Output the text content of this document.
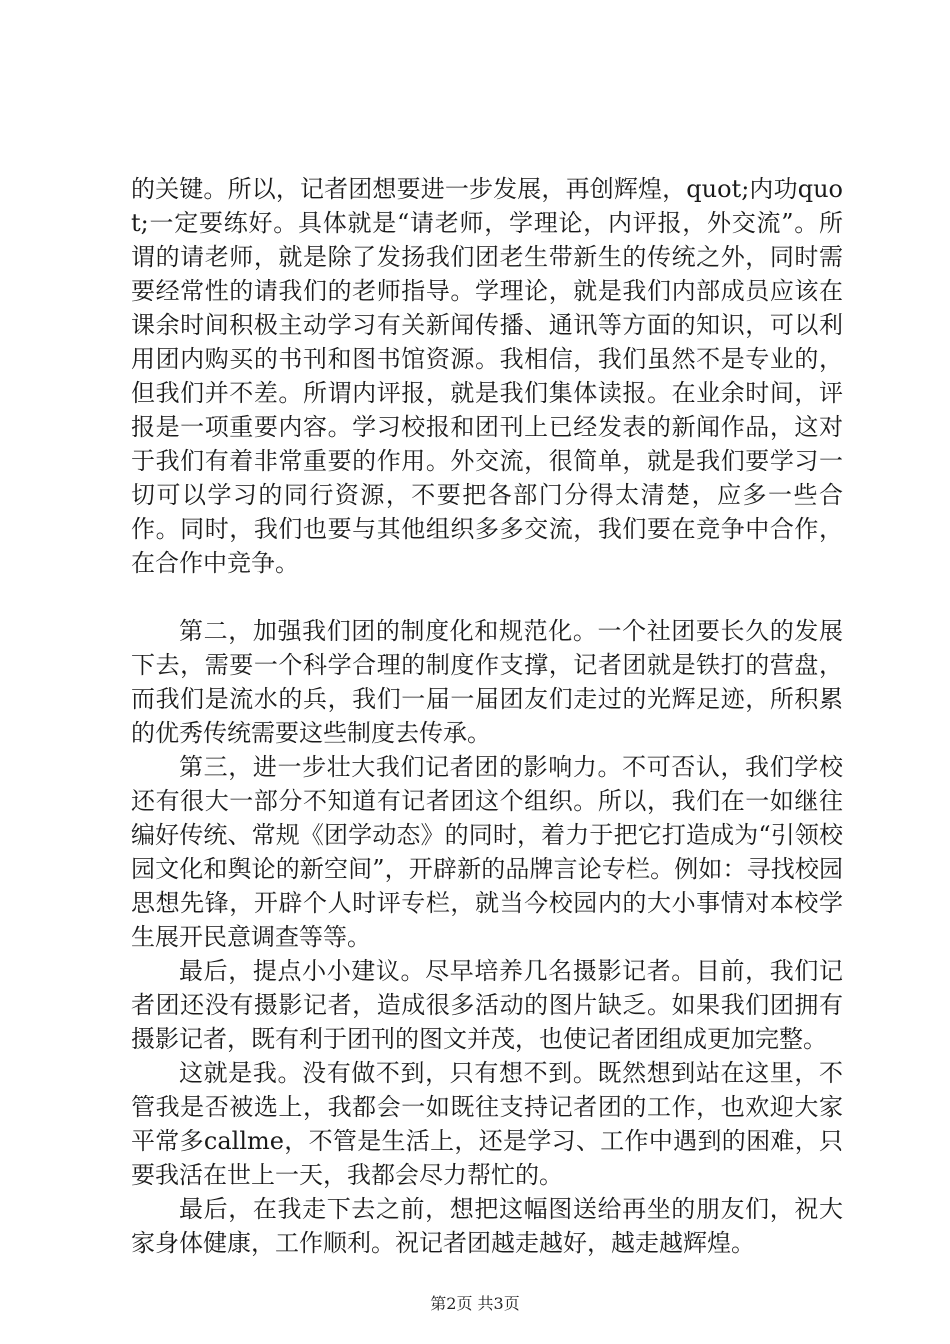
的关键。所以，记者团想要进一步发展，再创辉煌，quot;内功quot;一定要练好。具体就是“请老师，学理论，内评报，外交流”。所谓的请老师，就是除了发扬我们团老生带新生的传统之外，同时需要经常性的请我们的老师指导。学理论，就是我们内部成员应该在课余时间积极主动学习有关新闻传播、通讯等方面的知识，可以利用团内购买的书刊和图书馆资源。我相信，我们虽然不是专业的，但我们并不差。所谓内评报，就是我们集体读报。在业余时间，评报是一项重要内容。学习校报和团刊上已经发表的新闻作品，这对于我们有着非常重要的作用。外交流，很简单，就是我们要学习一切可以学习的同行资源，不要把各部门分得太清楚，应多一些合作。同时，我们也要与其他组织多多交流，我们要在竞争中合作，在合作中竞争。

第二，加强我们团的制度化和规范化。一个社团要长久的发展下去，需要一个科学合理的制度作支撑，记者团就是铁打的营盘，而我们是流水的兵，我们一届一届团友们走过的光辉足迹，所积累的优秀传统需要这些制度去传承。

第三，进一步壮大我们记者团的影响力。不可否认，我们学校还有很大一部分不知道有记者团这个组织。所以，我们在一如继往编好传统、常规《团学动态》的同时，着力于把它打造成为“引领校园文化和舆论的新空间”，开辟新的品牌言论专栏。例如：寻找校园思想先锋，开辟个人时评专栏，就当今校园内的大小事情对本校学生展开民意调查等等。

最后，提点小小建议。尽早培养几名摄影记者。目前，我们记者团还没有摄影记者，造成很多活动的图片缺乏。如果我们团拥有摄影记者，既有利于团刊的图文并茂，也使记者团组成更加完整。

这就是我。没有做不到，只有想不到。既然想到站在这里，不管我是否被选上，我都会一如既往支持记者团的工作，也欢迎大家平常多callme，不管是生活上，还是学习、工作中遇到的困难，只要我活在世上一天，我都会尽力帮忙的。

最后，在我走下去之前，想把这幅图送给再坐的朋友们，祝大家身体健康，工作顺利。祝记者团越走越好，越走越辉煌。

第2页 共3页
